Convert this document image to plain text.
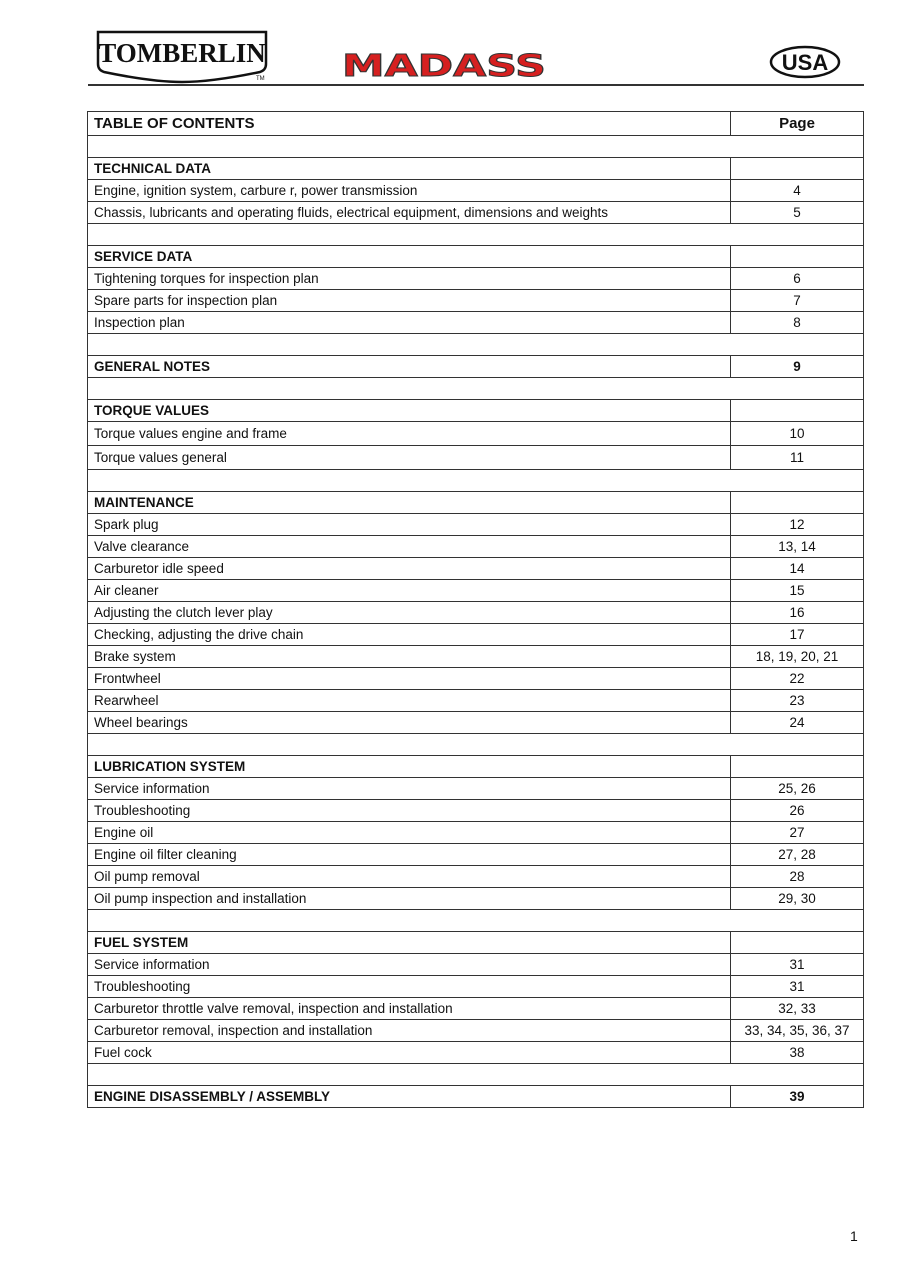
TOMBERLIN
TM	MADASS	USA
TABLE OF CONTENTS	Page

TECHNICAL DATA	
Engine, ignition system, carbure r, power transmission	4
Chassis, lubricants and operating fluids, electrical equipment, dimensions and weights	5

SERVICE DATA	
Tightening torques for inspection plan	6
Spare parts for inspection plan	7
Inspection plan	8

GENERAL NOTES	9

TORQUE VALUES	
Torque values engine and frame	10
Torque values general	11

MAINTENANCE	
Spark plug	12
Valve clearance	13, 14
Carburetor idle speed	14
Air cleaner	15
Adjusting the clutch lever play	16
Checking, adjusting the drive chain	17
Brake system	18, 19, 20, 21
Frontwheel	22
Rearwheel	23
Wheel bearings	24

LUBRICATION SYSTEM	
Service information	25, 26
Troubleshooting	26
Engine oil	27
Engine oil filter cleaning	27, 28
Oil pump removal	28
Oil pump inspection and installation	29, 30

FUEL SYSTEM	
Service information	31
Troubleshooting	31
Carburetor throttle valve removal, inspection and installation	32, 33
Carburetor removal, inspection and installation	33, 34, 35, 36, 37
Fuel cock	38

ENGINE DISASSEMBLY / ASSEMBLY	39
1
